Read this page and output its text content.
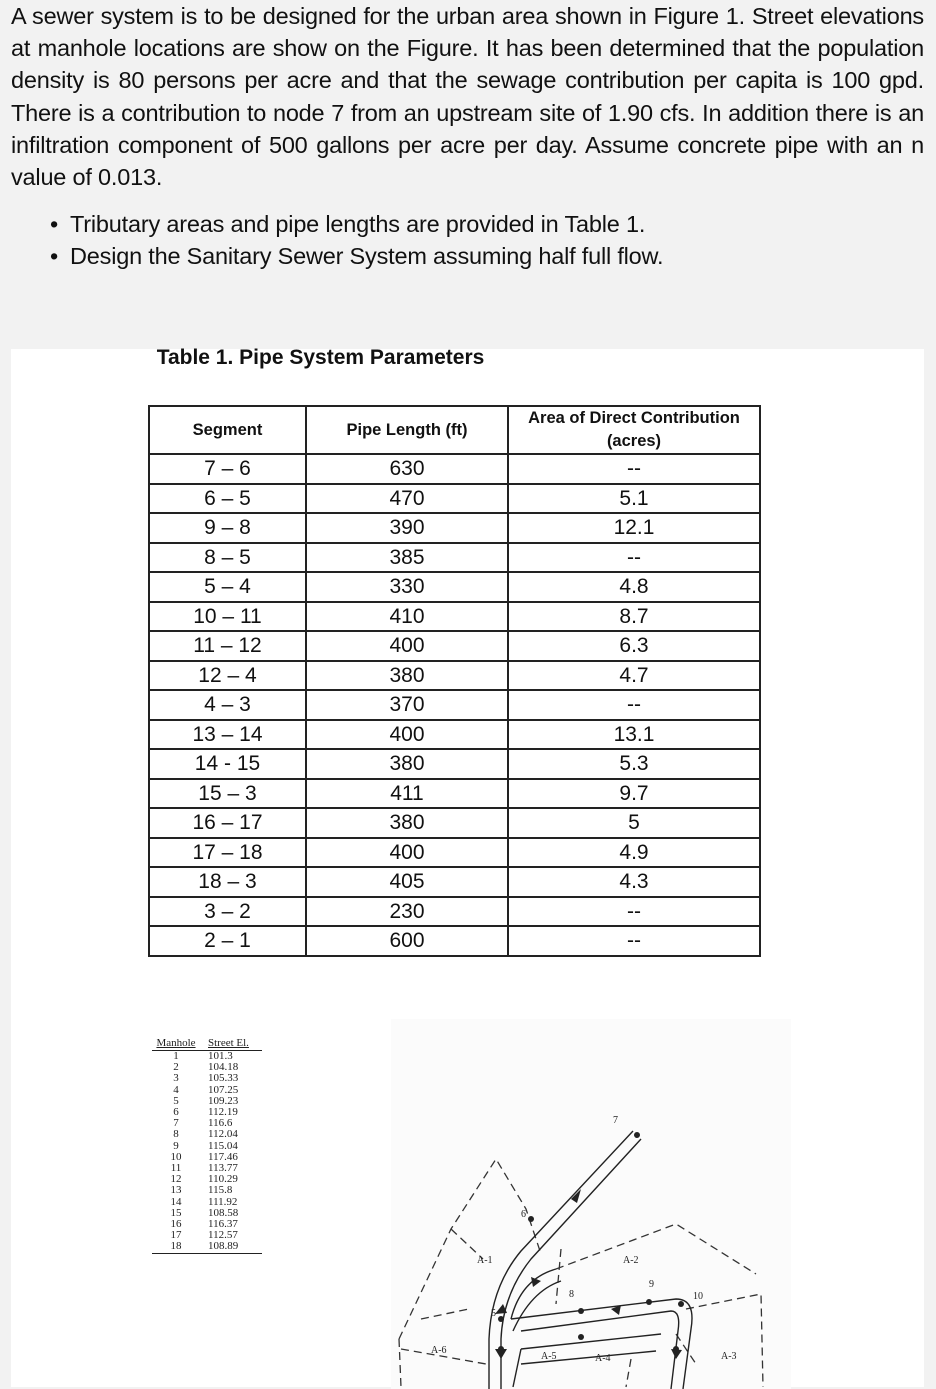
A sewer system is to be designed for the urban area shown in Figure 1. Street elevations at manhole locations are show on the Figure. It has been determined that the population density is 80 persons per acre and that the sewage contribution per capita is 100 gpd. There is a contribution to node 7 from an upstream site of 1.90 cfs. In addition there is an infiltration component of 500 gallons per acre per day. Assume concrete pipe with an n value of 0.013.
• Tributary areas and pipe lengths are provided in Table 1.
• Design the Sanitary Sewer System assuming half full flow.
Table 1. Pipe System Parameters
Segment	Pipe Length (ft)	Area of Direct Contribution (acres)
7 – 6	630	--
6 – 5	470	5.1
9 – 8	390	12.1
8 – 5	385	--
5 – 4	330	4.8
10 – 11	410	8.7
11 – 12	400	6.3
12 – 4	380	4.7
4 – 3	370	--
13 – 14	400	13.1
14 - 15	380	5.3
15 – 3	411	9.7
16 – 17	380	5
17 – 18	400	4.9
18 – 3	405	4.3
3 – 2	230	--
2 – 1	600	--
Manhole	Street El.
1	101.3
2	104.18
3	105.33
4	107.25
5	109.23
6	112.19
7	116.6
8	112.04
9	115.04
10	117.46
11	113.77
12	110.29
13	115.8
14	111.92
15	108.58
16	116.37
17	112.57
18	108.89
5
6
7
8
9
10
A-1	A-2
A-3
A-4
A-5
A-6
